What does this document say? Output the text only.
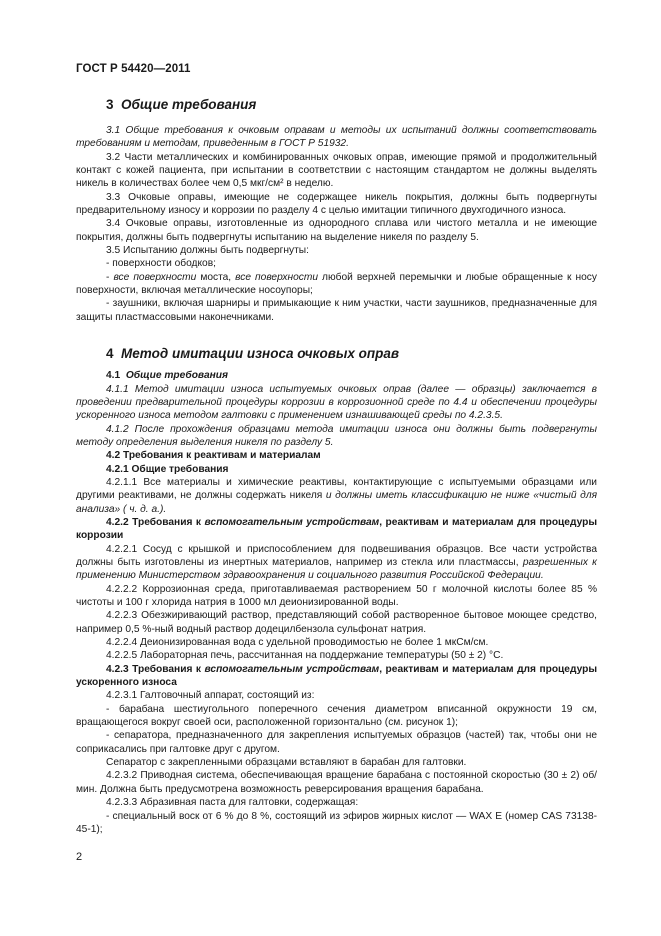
ГОСТ Р 54420—2011

3 Общие требования

3.1 Общие требования к очковым оправам и методы их испытаний должны соответствовать требованиям и методам, приведенным в ГОСТ Р 51932.

3.2 Части металлических и комбинированных очковых оправ, имеющие прямой и продолжительный контакт с кожей пациента, при испытании в соответствии с настоящим стандартом не должны выделять никель в количествах более чем 0,5 мкг/см² в неделю.

3.3 Очковые оправы, имеющие не содержащее никель покрытия, должны быть подвергнуты предварительному износу и коррозии по разделу 4 с целью имитации типичного двухгодичного износа.

3.4 Очковые оправы, изготовленные из однородного сплава или чистого металла и не имеющие покрытия, должны быть подвергнуты испытанию на выделение никеля по разделу 5.

3.5 Испытанию должны быть подвергнуты:

- поверхности ободков;

- все поверхности моста, все поверхности любой верхней перемычки и любые обращенные к носу поверхности, включая металлические носоупоры;

- заушники, включая шарниры и примыкающие к ним участки, части заушников, предназначенные для защиты пластмассовыми наконечниками.

4 Метод имитации износа очковых оправ

4.1 Общие требования

4.1.1 Метод имитации износа испытуемых очковых оправ (далее — образцы) заключается в проведении предварительной процедуры коррозии в коррозионной среде по 4.4 и обеспечении процедуры ускоренного износа методом галтовки с применением изнашивающей среды по 4.2.3.5.

4.1.2 После прохождения образцами метода имитации износа они должны быть подвергнуты методу определения выделения никеля по разделу 5.

4.2 Требования к реактивам и материалам

4.2.1 Общие требования

4.2.1.1 Все материалы и химические реактивы, контактирующие с испытуемыми образцами или другими реактивами, не должны содержать никеля и должны иметь классификацию не ниже «чистый для анализа» ( ч. д. а.).

4.2.2 Требования к вспомогательным устройствам, реактивам и материалам для процедуры коррозии

4.2.2.1 Сосуд с крышкой и приспособлением для подвешивания образцов. Все части устройства должны быть изготовлены из инертных материалов, например из стекла или пластмассы, разрешенных к применению Министерством здравоохранения и социального развития Российской Федерации.

4.2.2.2 Коррозионная среда, приготавливаемая растворением 50 г молочной кислоты более 85 % чистоты и 100 г хлорида натрия в 1000 мл деионизированной воды.

4.2.2.3 Обезжиривающий раствор, представляющий собой растворенное бытовое моющее средство, например 0,5 %-ный водный раствор додецилбензола сульфонат натрия.

4.2.2.4 Деионизированная вода с удельной проводимостью не более 1 мкСм/см.

4.2.2.5 Лабораторная печь, рассчитанная на поддержание температуры (50 ± 2) °С.

4.2.3 Требования к вспомогательным устройствам, реактивам и материалам для процедуры ускоренного износа

4.2.3.1 Галтовочный аппарат, состоящий из:

- барабана шестиугольного поперечного сечения диаметром вписанной окружности 19 см, вращающегося вокруг своей оси, расположенной горизонтально (см. рисунок 1);

- сепаратора, предназначенного для закрепления испытуемых образцов (частей) так, чтобы они не соприкасались при галтовке друг с другом.

Сепаратор с закрепленными образцами вставляют в барабан для галтовки.

4.2.3.2 Приводная система, обеспечивающая вращение барабана с постоянной скоростью (30 ± 2) об/мин. Должна быть предусмотрена возможность реверсирования вращения барабана.

4.2.3.3 Абразивная паста для галтовки, содержащая:

- специальный воск от 6 % до 8 %, состоящий из эфиров жирных кислот — WAX E (номер CAS 73138-45-1);

2
